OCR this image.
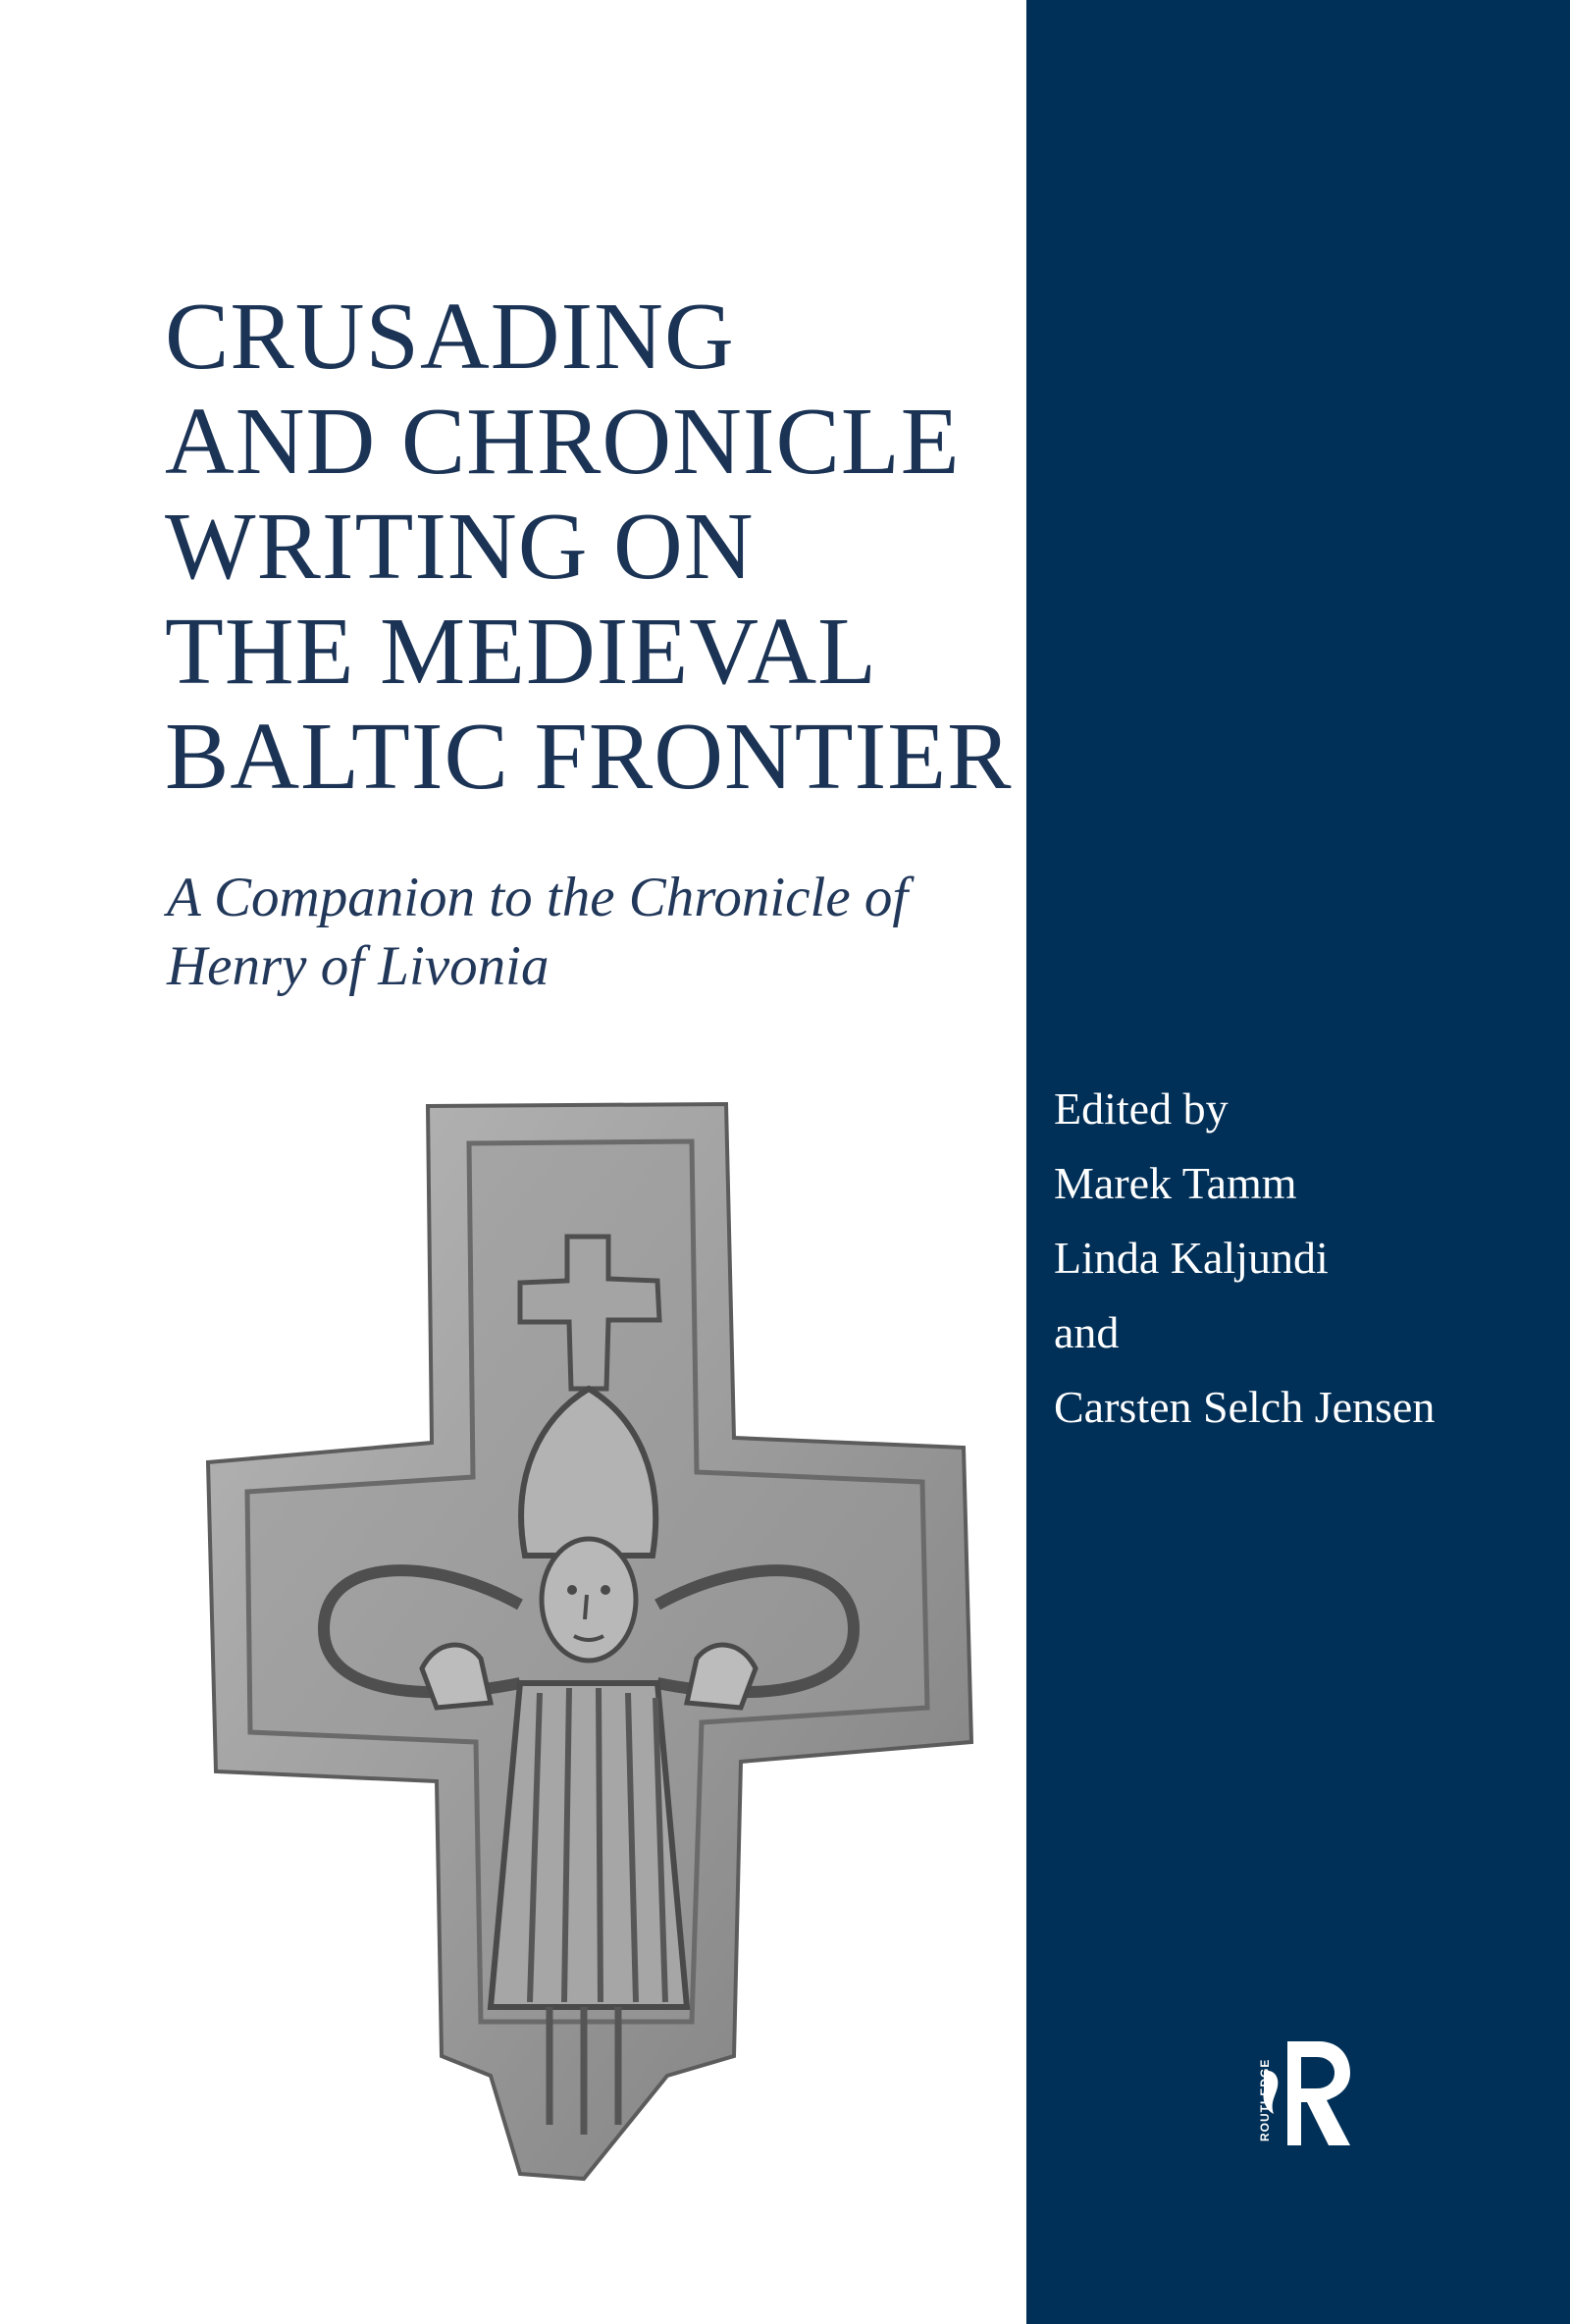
CRUSADING
AND CHRONICLE
WRITING ON
THE MEDIEVAL
BALTIC FRONTIER
A Companion to the Chronicle of
Henry of Livonia
Edited by
Marek Tamm
Linda Kaljundi
and
Carsten Selch Jensen
ROUTLEDGE
